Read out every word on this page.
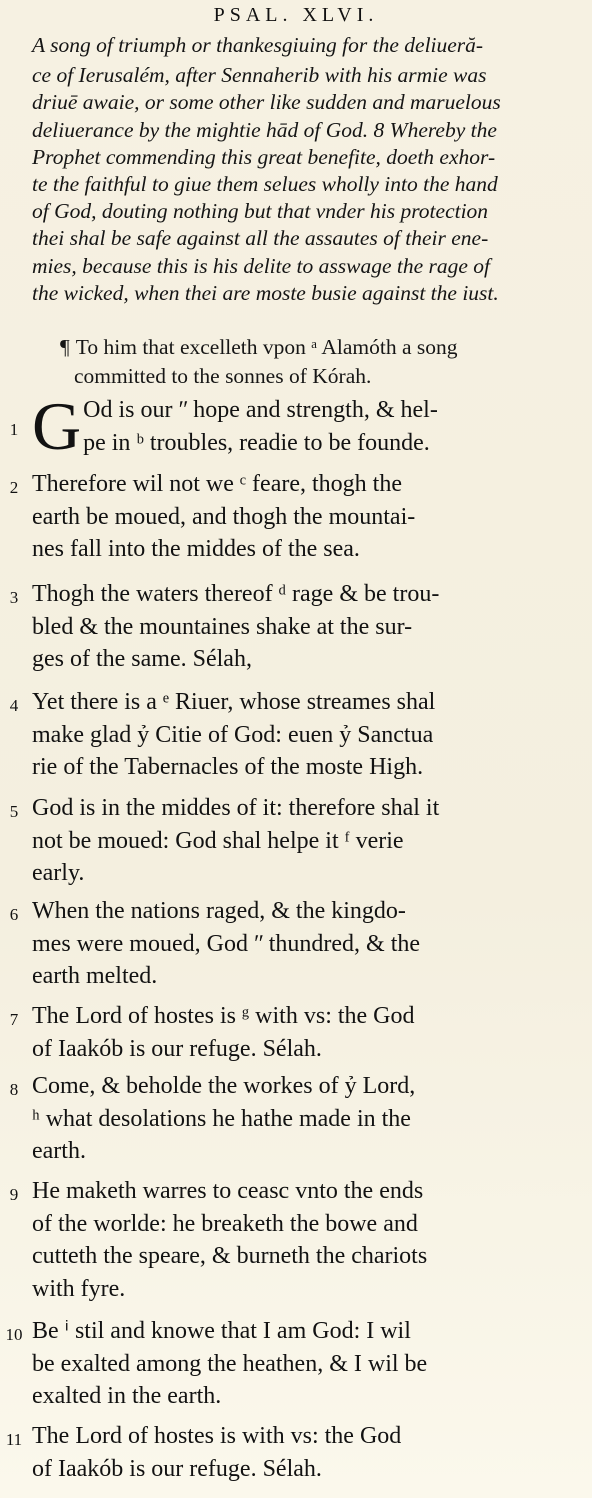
PSAL. XLVI.
A song of triumph or thankesgiuing for the deliueră-
ce of Ierusalém, after Sennaherib with his armie was
driuē awaie, or some other like sudden and maruelous
deliuerance by the mightie hād of God. 8 Whereby the
Prophet commending this great benefite, doeth exhor-
te the faithful to giue them selues wholly into the hand
of God, douting nothing but that vnder his protection
thei shal be safe against all the assautes of their ene-
mies, because this is his delite to asswage the rage of
the wicked, when thei are moste busie against the iust.
¶ To him that excelleth vpon ᵃ Alamóth a song
committed to the sonnes of Kórah.
1 G Od is our ʺ hope and strength, & hel-
pe in ᵇ troubles, readie to be founde.
2 Therefore wil not we ᶜ feare, thogh the
earth be moued, and thogh the mountai-
nes fall into the middes of the sea.
3 Thogh the waters thereof ᵈ rage & be trou-
bled & the mountaines shake at the sur-
ges of the same. Sélah,
4 Yet there is a ᵉ Riuer, whose streames shal
make glad ỷ Citie of God: euen ỷ Sanctua
rie of the Tabernacles of the moste High.
5 God is in the middes of it: therefore shal it
not be moued: God shal helpe it ᶠ verie
early.
6 When the nations raged, & the kingdo-
mes were moued, God ʺ thundred, & the
earth melted.
7 The Lord of hostes is ᵍ with vs: the God
of Iaakób is our refuge. Sélah.
8 Come, & beholde the workes of ỷ Lord,
ʰ what desolations he hathe made in the
earth.
9 He maketh warres to ceasc vnto the ends
of the worlde: he breaketh the bowe and
cutteth the speare, & burneth the chariots
with fyre.
10 Be ⁱ stil and knowe that I am God: I wil
be exalted among the heathen, & I wil be
exalted in the earth.
11 The Lord of hostes is with vs: the God
of Iaakób is our refuge. Sélah.
